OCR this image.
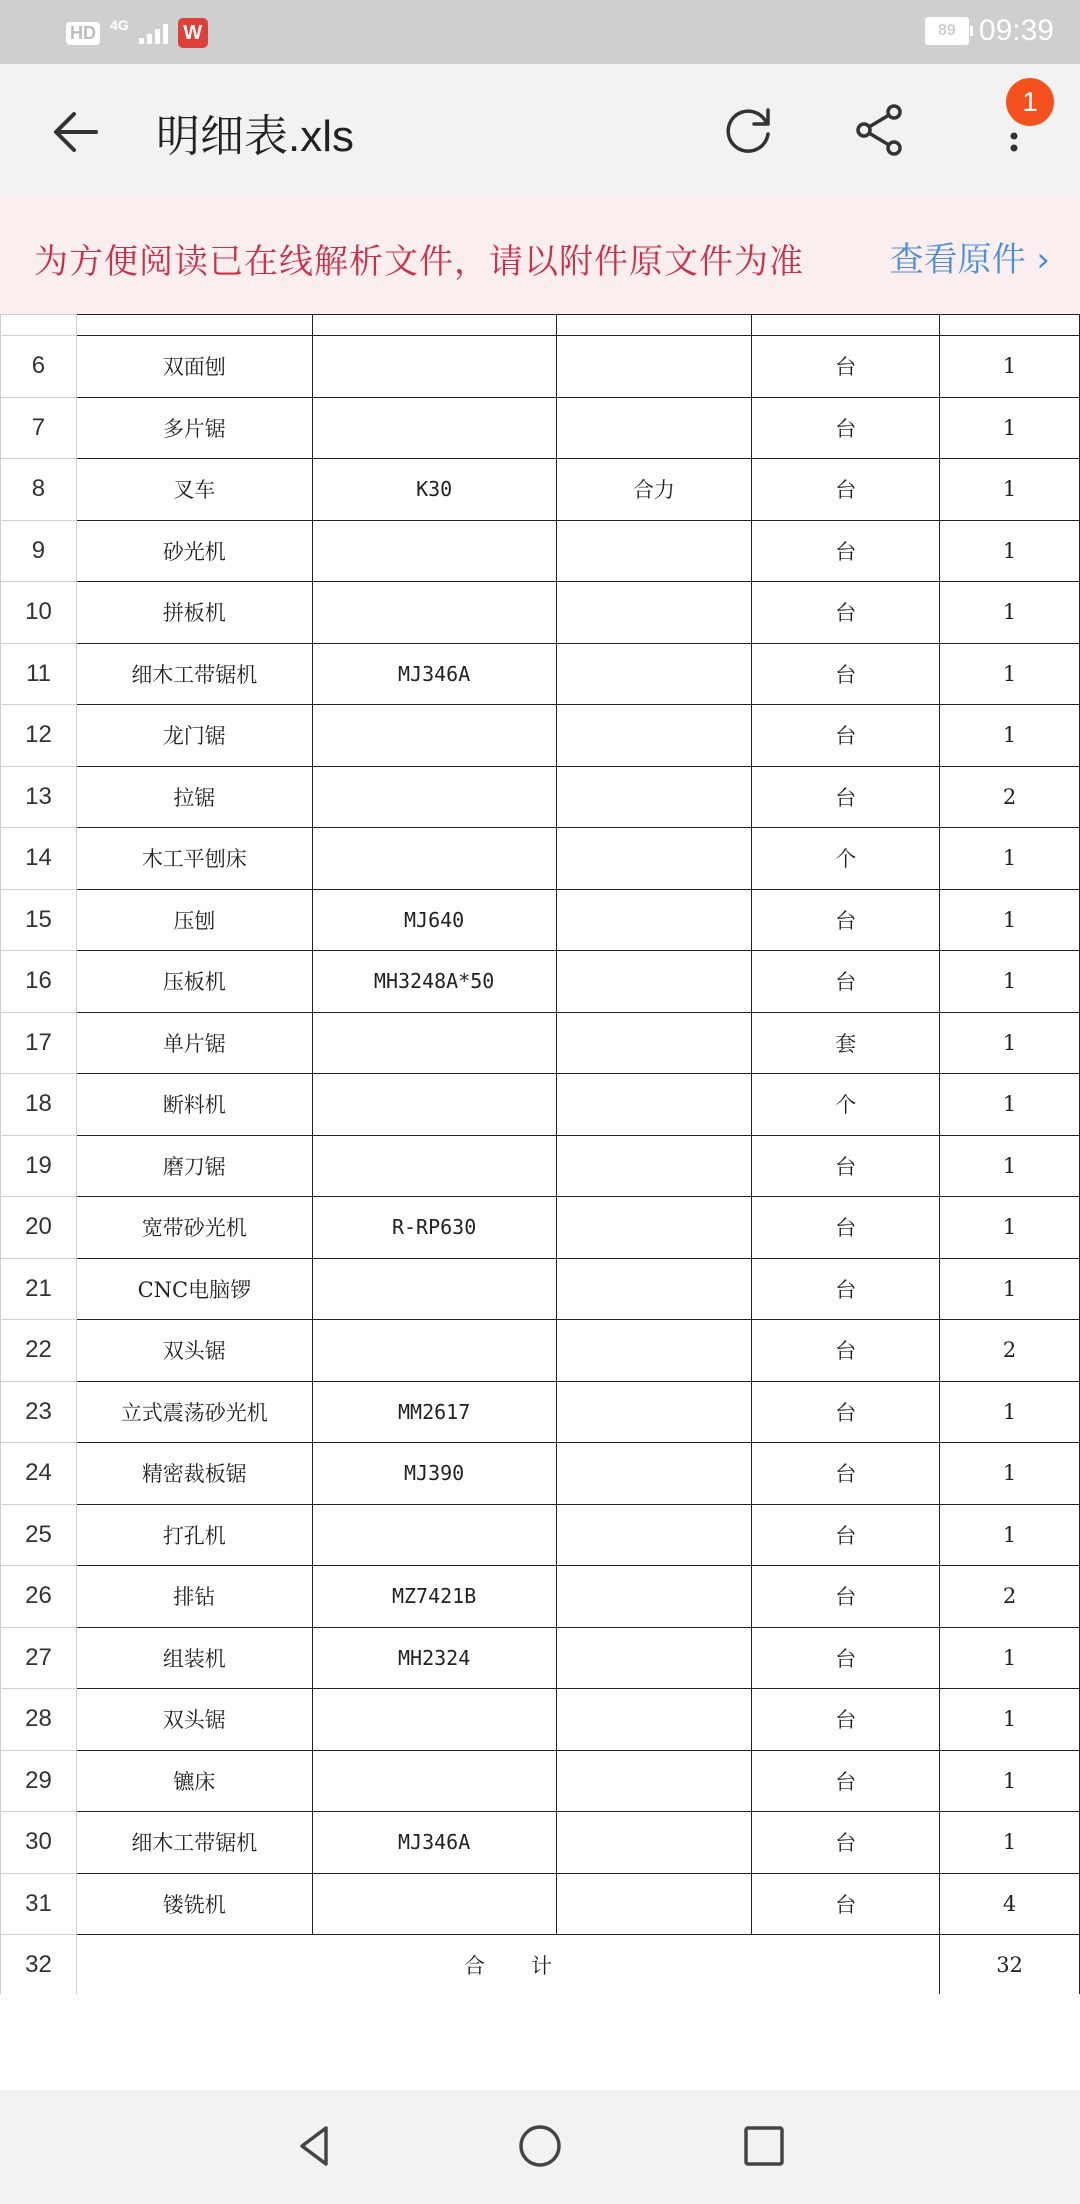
HD 4G	W	89 09:39
明细表.xls
1
为方便阅读已在线解析文件，请以附件原文件为准	查看原件 ›

6	双面刨			台	1
7	多片锯			台	1
8	叉车	K30	合力	台	1
9	砂光机			台	1
10	拼板机			台	1
11	细木工带锯机	MJ346A		台	1
12	龙门锯			台	1
13	拉锯			台	2
14	木工平刨床			个	1
15	压刨	MJ640		台	1
16	压板机	MH3248A*50		台	1
17	单片锯			套	1
18	断料机			个	1
19	磨刀锯			台	1
20	宽带砂光机	R-RP630		台	1
21	CNC电脑锣			台	1
22	双头锯			台	2
23	立式震荡砂光机	MM2617		台	1
24	精密裁板锯	MJ390		台	1
25	打孔机			台	1
26	排钻	MZ7421B		台	2
27	组装机	MH2324		台	1
28	双头锯			台	1
29	镳床			台	1
30	细木工带锯机	MJ346A		台	1
31	镂铣机			台	4
32	合计				32
